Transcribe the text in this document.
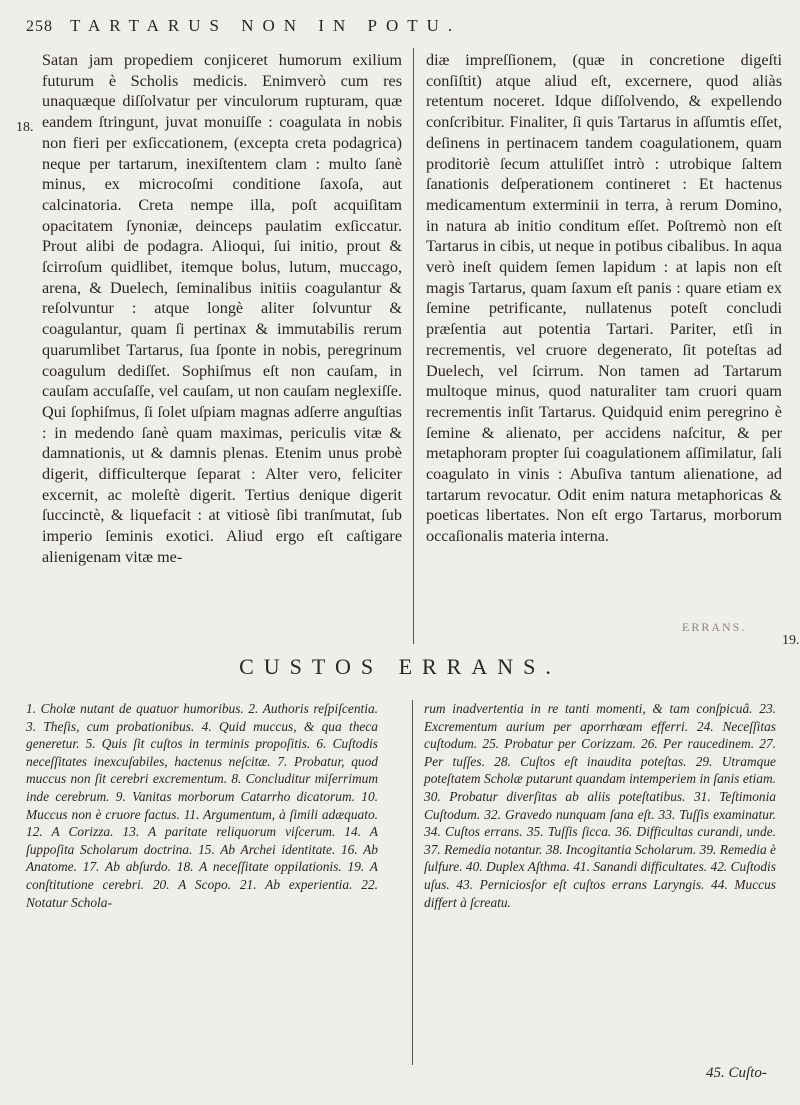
258 TARTARUS NON IN POTU.
18.
19.

Satan jam propediem conjiceret humorum exilium futurum è Scholis medicis. Enimverò cum res unaquæque diſſolvatur per vinculorum rupturam, quæ eandem ſtringunt, juvat monuiſſe : coagulata in nobis non fieri per exſiccationem, (excepta creta podagrica) neque per tartarum, inexiſtentem clam : multo ſanè minus, ex microcoſmi conditione ſaxoſa, aut calcinatoria. Creta nempe illa, poſt acquiſitam opacitatem ſynoniæ, deinceps paulatim exſiccatur. Prout alibi de podagra. Alioqui, ſui initio, prout & ſcirroſum quidlibet, itemque bolus, lutum, muccago, arena, & Duelech, ſeminalibus initiis coagulantur & reſolvuntur : atque longè aliter ſolvuntur & coagulantur, quam ſi pertinax & immutabilis rerum quarumlibet Tartarus, ſua ſponte in nobis, peregrinum coagulum dediſſet. Sophiſmus eſt non cauſam, in cauſam accuſaſſe, vel cauſam, ut non cauſam neglexiſſe. Qui ſophiſmus, ſi ſolet uſpiam magnas adſerre anguſtias : in medendo ſanè quam maximas, periculis vitæ & damnationis, ut & damnis plenas. Etenim unus probè digerit, difficulterque ſeparat : Alter vero, feliciter excernit, ac moleſtè digerit. Tertius denique digerit ſuccinctè, & liquefacit : at vitiosè ſibi tranſmutat, ſub imperio ſeminis exotici. Aliud ergo eſt caſtigare alienigenam vitæ me-

diæ impreſſionem, (quæ in concretione digeſti conſiſtit) atque aliud eſt, excernere, quod aliàs retentum noceret. Idque diſſolvendo, & expellendo conſcribitur. Finaliter, ſi quis Tartarus in aſſumtis eſſet, deſinens in pertinacem tandem coagulationem, quam proditoriè ſecum attuliſſet intrò : utrobique ſaltem ſanationis deſperationem contineret : Et hactenus medicamentum exterminii in terra, à rerum Domino, in natura ab initio conditum eſſet. Poſtremò non eſt Tartarus in cibis, ut neque in potibus cibalibus. In aqua verò ineſt quidem ſemen lapidum : at lapis non eſt magis Tartarus, quam ſaxum eſt panis : quare etiam ex ſemine petrificante, nullatenus poteſt concludi præſentia aut potentia Tartari. Pariter, etſi in recrementis, vel cruore degenerato, ſit poteſtas ad Duelech, vel ſcirrum. Non tamen ad Tartarum multoque minus, quod naturaliter tam cruori quam recrementis inſit Tartarus. Quidquid enim peregrino è ſemine & alienato, per accidens naſcitur, & per metaphoram propter ſui coagulationem aſſimilatur, ſali coagulato in vinis : Abuſiva tantum alienatione, ad tartarum revocatur. Odit enim natura metaphoricas & poeticas libertates. Non eſt ergo Tartarus, morborum occaſionalis materia interna.

ERRANS.
CUSTOS ERRANS.

1. Cholæ nutant de quatuor humoribus. 2. Authoris reſpiſcentia. 3. Theſis, cum probationibus. 4. Quid muccus, & qua theca generetur. 5. Quis ſit cuſtos in terminis propoſitis. 6. Cuſtodis neceſſitates inexcuſabiles, hactenus neſcitæ. 7. Probatur, quod muccus non ſit cerebri excrementum. 8. Concluditur miſerrimum inde cerebrum. 9. Vanitas morborum Catarrho dicatorum. 10. Muccus non è cruore factus. 11. Argumentum, à ſimili adæquato. 12. A Corizza. 13. A paritate reliquorum viſcerum. 14. A ſuppoſita Scholarum doctrina. 15. Ab Archei identitate. 16. Ab Anatome. 17. Ab abſurdo. 18. A neceſſitate oppilationis. 19. A conſtitutione cerebri. 20. A Scopo. 21. Ab experientia. 22. Notatur Schola-

rum inadvertentia in re tanti momenti, & tam conſpicuâ. 23. Excrementum aurium per aporrhœam efferri. 24. Neceſſitas cuſtodum. 25. Probatur per Corizzam. 26. Per raucedinem. 27. Per tuſſes. 28. Cuſtos eſt inaudita poteſtas. 29. Utramque poteſtatem Scholæ putarunt quandam intemperiem in ſanis etiam. 30. Probatur diverſitas ab aliis poteſtatibus. 31. Teſtimonia Cuſtodum. 32. Gravedo nunquam ſana eſt. 33. Tuſſis examinatur. 34. Cuſtos errans. 35. Tuſſis ſicca. 36. Difficultas curandi, unde. 37. Remedia notantur. 38. Incogitantia Scholarum. 39. Remedia è ſulfure. 40. Duplex Aſthma. 41. Sanandi difficultates. 42. Cuſtodis uſus. 43. Perniciosſor eſt cuſtos errans Laryngis. 44. Muccus differt à ſcreatu.

45. Cuſto-
